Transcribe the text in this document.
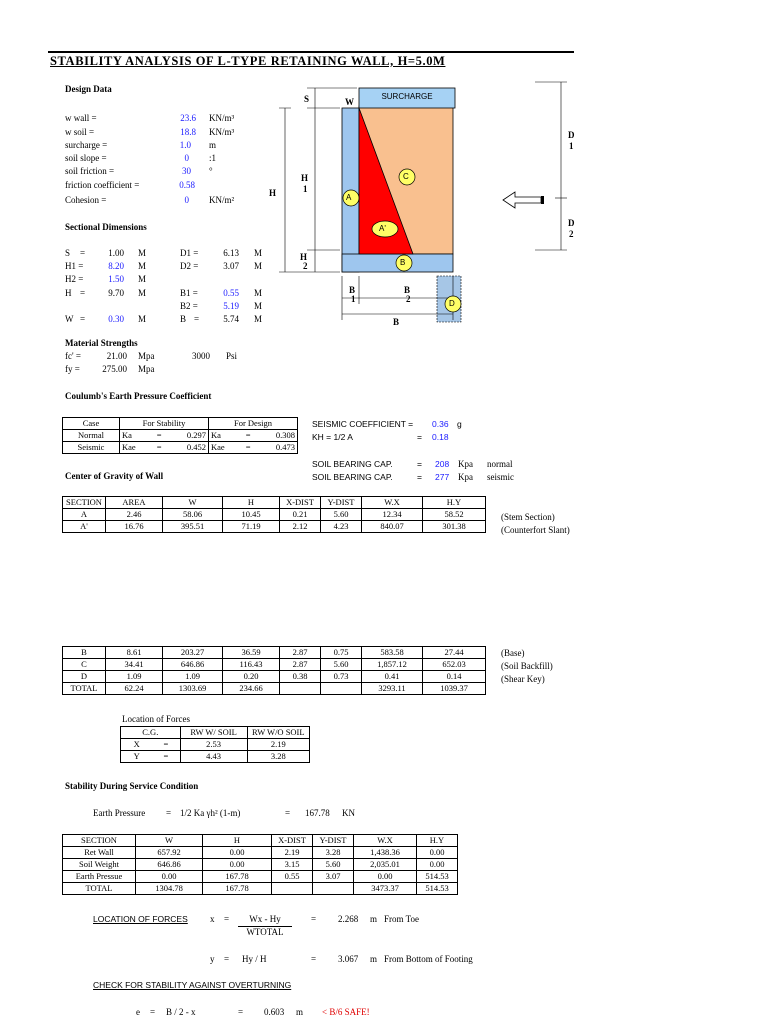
STABILITY ANALYSIS OF L-TYPE RETAINING WALL, H=5.0M
Design Data
w wall =	23.6 KN/m³
w soil =	18.8 KN/m³
surcharge =	1.0 m
soil slope =	0 :1
soil friction =	30 °
friction coefficient =	0.58
Cohesion =	0 KN/m²
Sectional Dimensions
S =	1.00 M
H1 =	8.20 M
H2 =	1.50 M
H =	9.70 M
W =	0.30 M
D1 =	6.13 M
D2 =	3.07 M
B1 =	0.55 M
B2 =	5.19 M
B =	5.74 M
Material Strengths
fc' =	21.00 Mpa	3000 Psi
fy =	275.00 Mpa
Coulumb's Earth Pressure Coefficient
Case	For Stability			For Design		
Normal	Ka	=	0.297	Ka	=	0.308
Seismic	Kae	=	0.452	Kae	=	0.473
SEISMIC COEFFICIENT = 0.36 g
KH = 1/2 A	= 0.18
SOIL BEARING CAP.	= 208 Kpa normal
SOIL BEARING CAP.	= 277 Kpa seismic
Center of Gravity of Wall
SECTION	AREA	W	H	X-DIST	Y-DIST	W.X	H.Y
A	2.46	58.06	10.45	0.21	5.60	12.34	58.52
A'	16.76	395.51	71.19	2.12	4.23	840.07	301.38
(Stem Section)
(Counterfort Slant)
B	8.61	203.27	36.59	2.87	0.75	583.58	27.44
C	34.41	646.86	116.43	2.87	5.60	1,857.12	652.03
D	1.09	1.09	0.20	0.38	0.73	0.41	0.14
TOTAL	62.24	1303.69	234.66			3293.11	1039.37
(Base)
(Soil Backfill)
(Shear Key)
Location of Forces
C.G.		RW W/ SOIL	RW W/O SOIL
X	=	2.53	2.19
Y	=	4.43	3.28
Stability During Service Condition
Earth Pressure = 1/2 Ka γh² (1-m)	= 167.78 KN
SECTION	W	H	X-DIST	Y-DIST	W.X	H.Y
Ret Wall	657.92	0.00	2.19	3.28	1,438.36	0.00
Soil Weight	646.86	0.00	3.15	5.60	2,035.01	0.00
Earth Pressue	0.00	167.78	0.55	3.07	0.00	514.53
TOTAL	1304.78	167.78			3473.37	514.53
LOCATION OF FORCES x =	Wx - Hy
WTOTAL
= 2.268 m From Toe
y = Hy / H	= 3.067 m From Bottom of Footing
CHECK FOR STABILITY AGAINST OVERTURNING
e = B / 2 - x	= 0.603 m < B/6 SAFE!
SURCHARGE
S	W
H
H
1
H
2
D
1
D
2
B
1
B
2
B
A
C
A'
B
D
